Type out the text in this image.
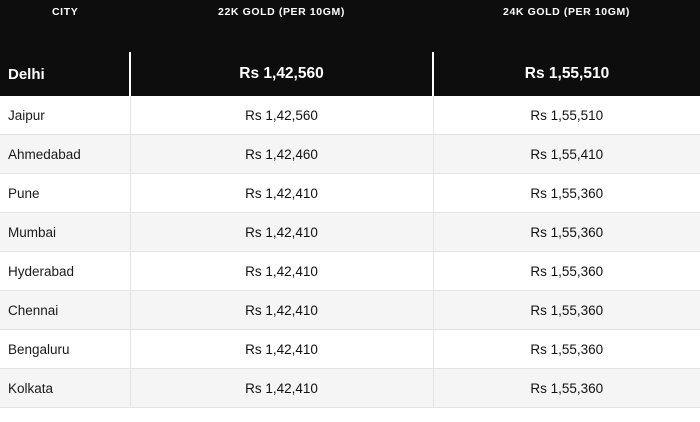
CITY	22K GOLD (PER 10GM)	24K GOLD (PER 10GM)

Delhi	Rs 1,42,560	Rs 1,55,510
Jaipur	Rs 1,42,560	Rs 1,55,510
Ahmedabad	Rs 1,42,460	Rs 1,55,410
Pune	Rs 1,42,410	Rs 1,55,360
Mumbai	Rs 1,42,410	Rs 1,55,360
Hyderabad	Rs 1,42,410	Rs 1,55,360
Chennai	Rs 1,42,410	Rs 1,55,360
Bengaluru	Rs 1,42,410	Rs 1,55,360
Kolkata	Rs 1,42,410	Rs 1,55,360
